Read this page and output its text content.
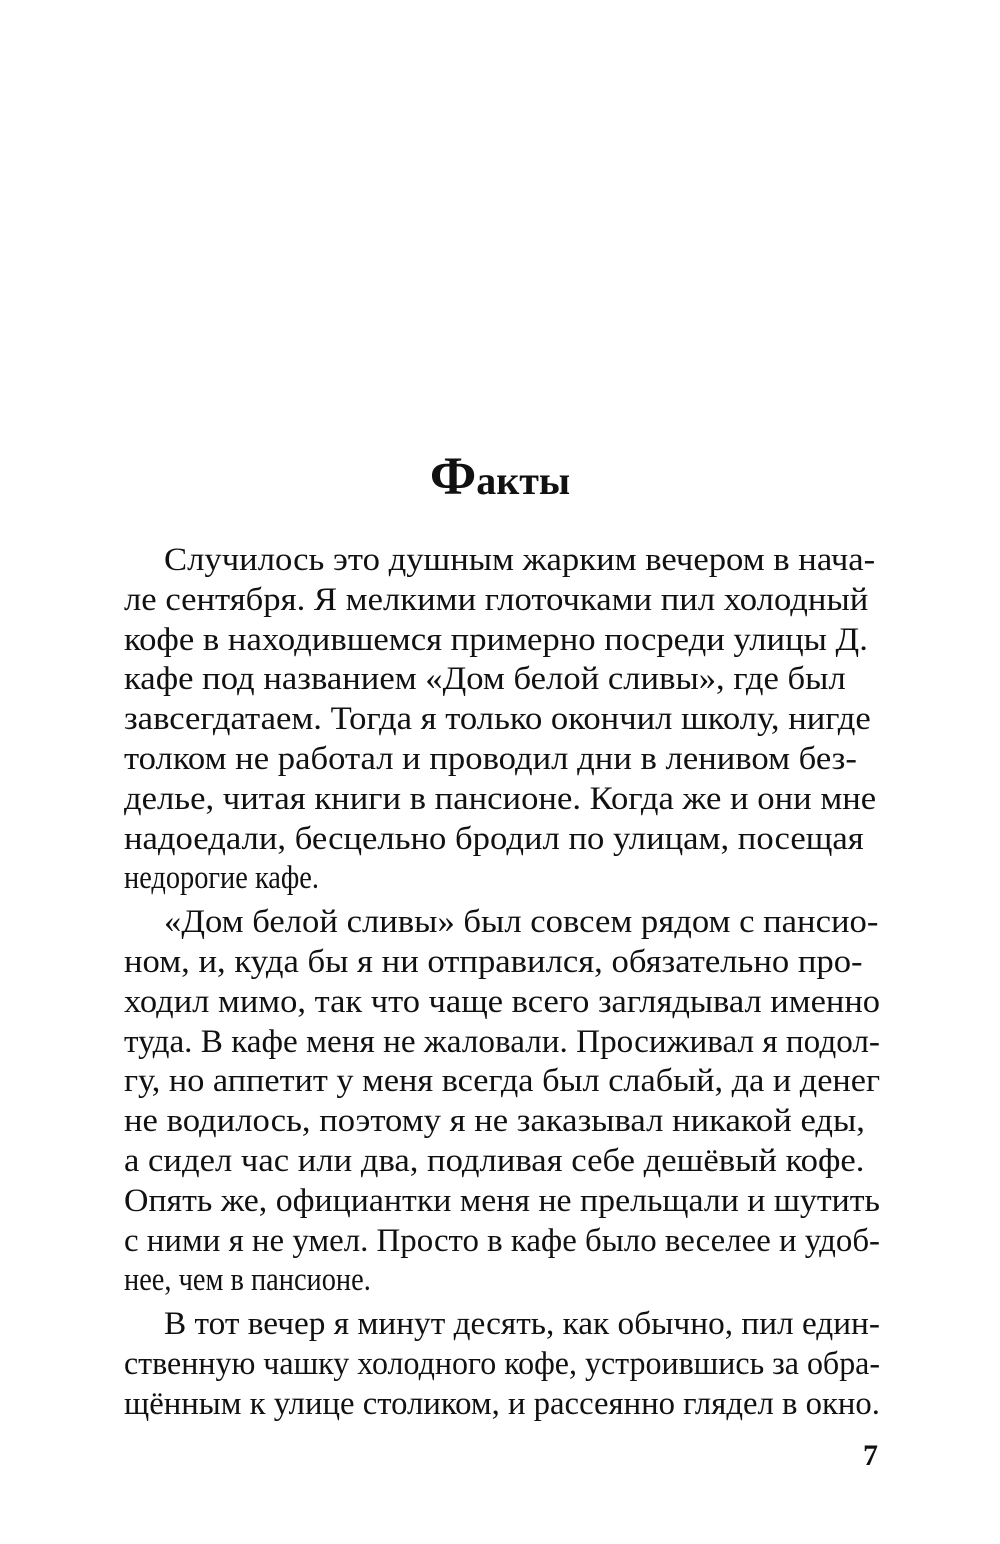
Факты
Случилось это душным жарким вечером в нача-
ле сентября. Я мелкими глоточками пил холодный
кофе в находившемся примерно посреди улицы Д.
кафе под названием «Дом белой сливы», где был
завсегдатаем. Тогда я только окончил школу, нигде
толком не работал и проводил дни в ленивом без-
делье, читая книги в пансионе. Когда же и они мне
надоедали, бесцельно бродил по улицам, посещая
недорогие кафе.
«Дом белой сливы» был совсем рядом с пансио-
ном, и, куда бы я ни отправился, обязательно про-
ходил мимо, так что чаще всего заглядывал именно
туда. В кафе меня не жаловали. Просиживал я подол-
гу, но аппетит у меня всегда был слабый, да и денег
не водилось, поэтому я не заказывал никакой еды,
а сидел час или два, подливая себе дешёвый кофе.
Опять же, официантки меня не прельщали и шутить
с ними я не умел. Просто в кафе было веселее и удоб-
нее, чем в пансионе.
В тот вечер я минут десять, как обычно, пил един-
ственную чашку холодного кофе, устроившись за обра-
щённым к улице столиком, и рассеянно глядел в окно.
7
